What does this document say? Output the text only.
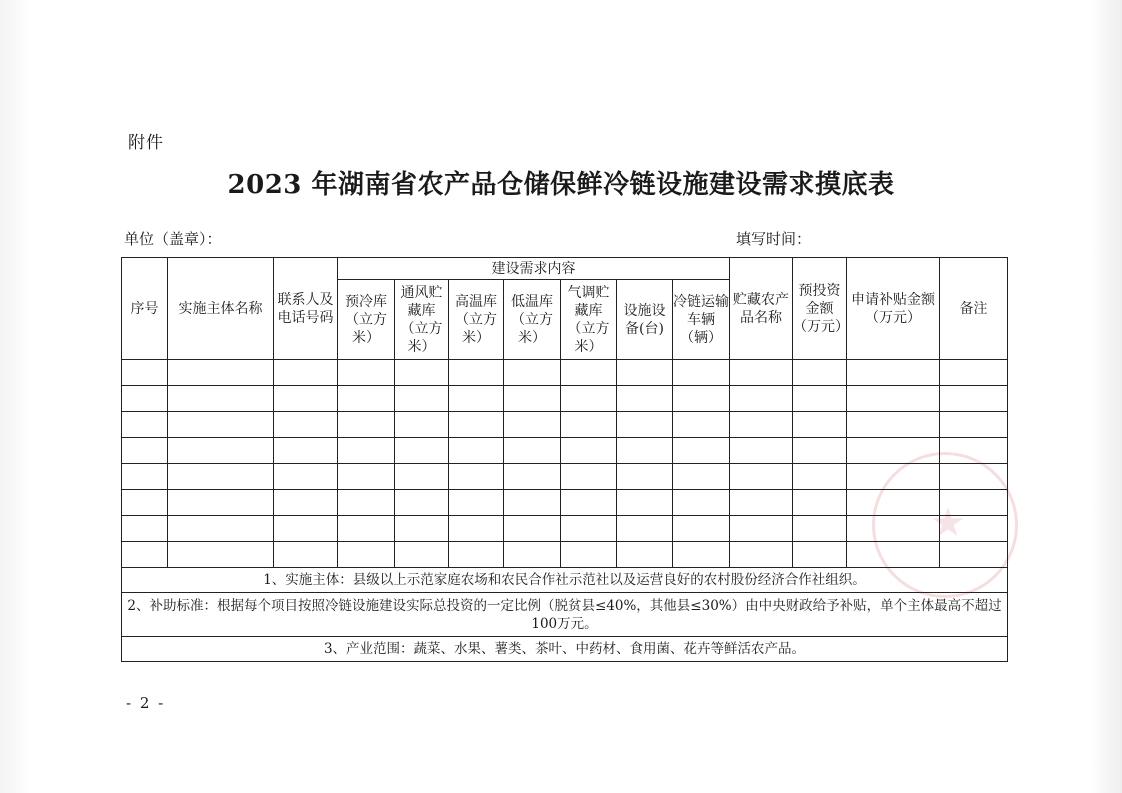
★
附件
2023 年湖南省农产品仓储保鲜冷链设施建设需求摸底表
单位（盖章）：	填写时间：
序号	实施主体名称	联系人及电话号码	建设需求内容							贮藏农产品名称	预投资金额（万元）	申请补贴金额（万元）	备注
			预冷库（立方米）	通风贮藏库（立方米）	高温库（立方米）	低温库（立方米）	气调贮藏库（立方米）	设施设备(台)	冷链运输车辆（辆）				

1、实施主体：县级以上示范家庭农场和农民合作社示范社以及运营良好的农村股份经济合作社组织。													
2、补助标准：根据每个项目按照冷链设施建设实际总投资的一定比例（脱贫县≤40%，其他县≤30%）由中央财政给予补贴，单个主体最高不超过100万元。													
3、产业范围：蔬菜、水果、薯类、茶叶、中药材、食用菌、花卉等鲜活农产品。													
- 2 -
